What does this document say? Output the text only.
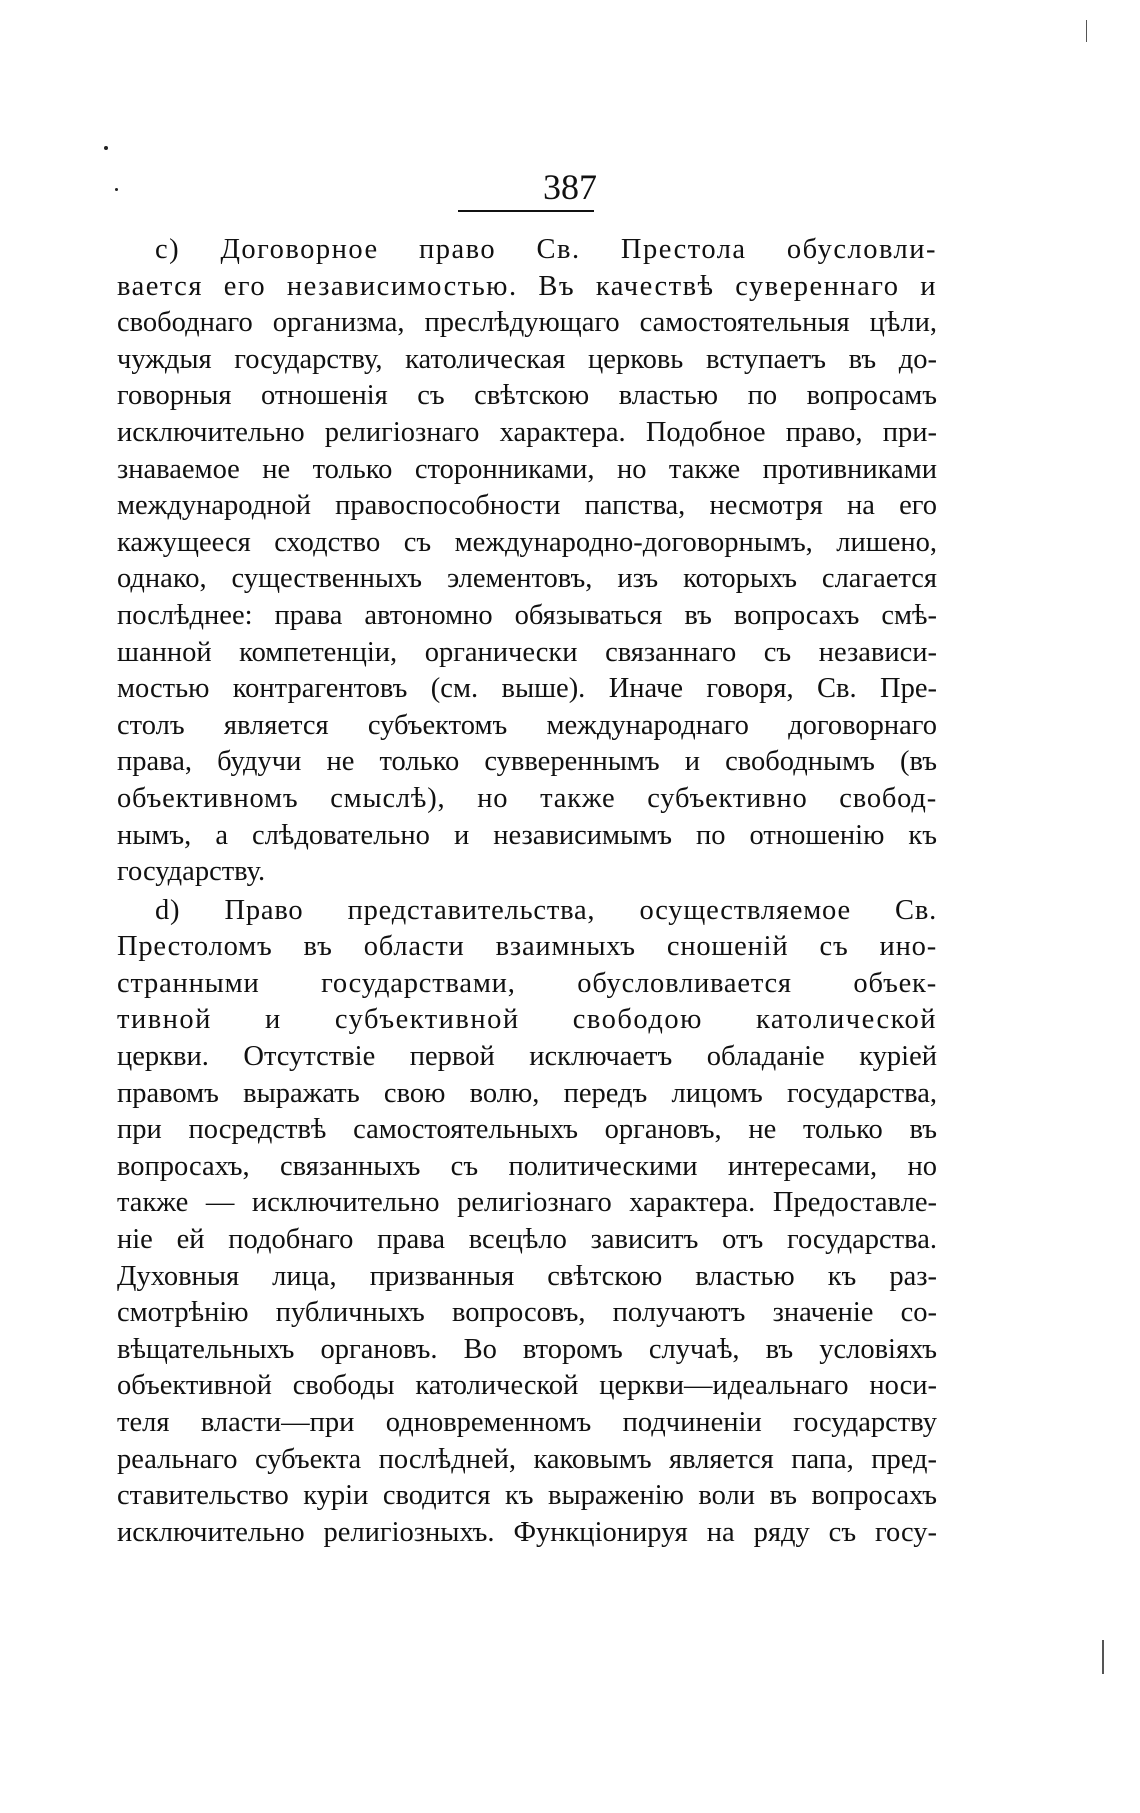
387
c) Договорное право Св. Престола обусловли-
вается его независимостью. Въ качествѣ сувереннаго и
свободнаго организма, преслѣдующаго самостоятельныя цѣли,
чуждыя государству, католическая церковь вступаетъ въ до-
говорныя отношенія съ свѣтскою властью по вопросамъ
исключительно религіознаго характера. Подобное право, при-
знаваемое не только сторонниками, но также противниками
международной правоспособности папства, несмотря на его
кажущееся сходство съ международно-договорнымъ, лишено,
однако, существенныхъ элементовъ, изъ которыхъ слагается
послѣднее: права автономно обязываться въ вопросахъ смѣ-
шанной компетенціи, органически связаннаго съ независи-
мостью контрагентовъ (см. выше). Иначе говоря, Св. Пре-
столъ является субъектомъ международнаго договорнаго
права, будучи не только суввереннымъ и свободнымъ (въ
объективномъ смыслѣ), но также субъективно свобод-
нымъ, а слѣдовательно и независимымъ по отношенію къ
государству.
d) Право представительства, осуществляемое Св.
Престоломъ въ области взаимныхъ сношеній съ ино-
странными государствами, обусловливается объек-
тивной и субъективной свободою католической
церкви. Отсутствіе первой исключаетъ обладаніе куріей
правомъ выражать свою волю, передъ лицомъ государства,
при посредствѣ самостоятельныхъ органовъ, не только въ
вопросахъ, связанныхъ съ политическими интересами, но
также — исключительно религіознаго характера. Предоставле-
ніе ей подобнаго права всецѣло зависитъ отъ государства.
Духовныя лица, призванныя свѣтскою властью къ раз-
смотрѣнію публичныхъ вопросовъ, получаютъ значеніе со-
вѣщательныхъ органовъ. Во второмъ случаѣ, въ условіяхъ
объективной свободы католической церкви—идеальнаго носи-
теля власти—при одновременномъ подчиненіи государству
реальнаго субъекта послѣдней, каковымъ является папа, пред-
ставительство куріи сводится къ выраженію воли въ вопросахъ
исключительно религіозныхъ. Функціонируя на ряду съ госу-
